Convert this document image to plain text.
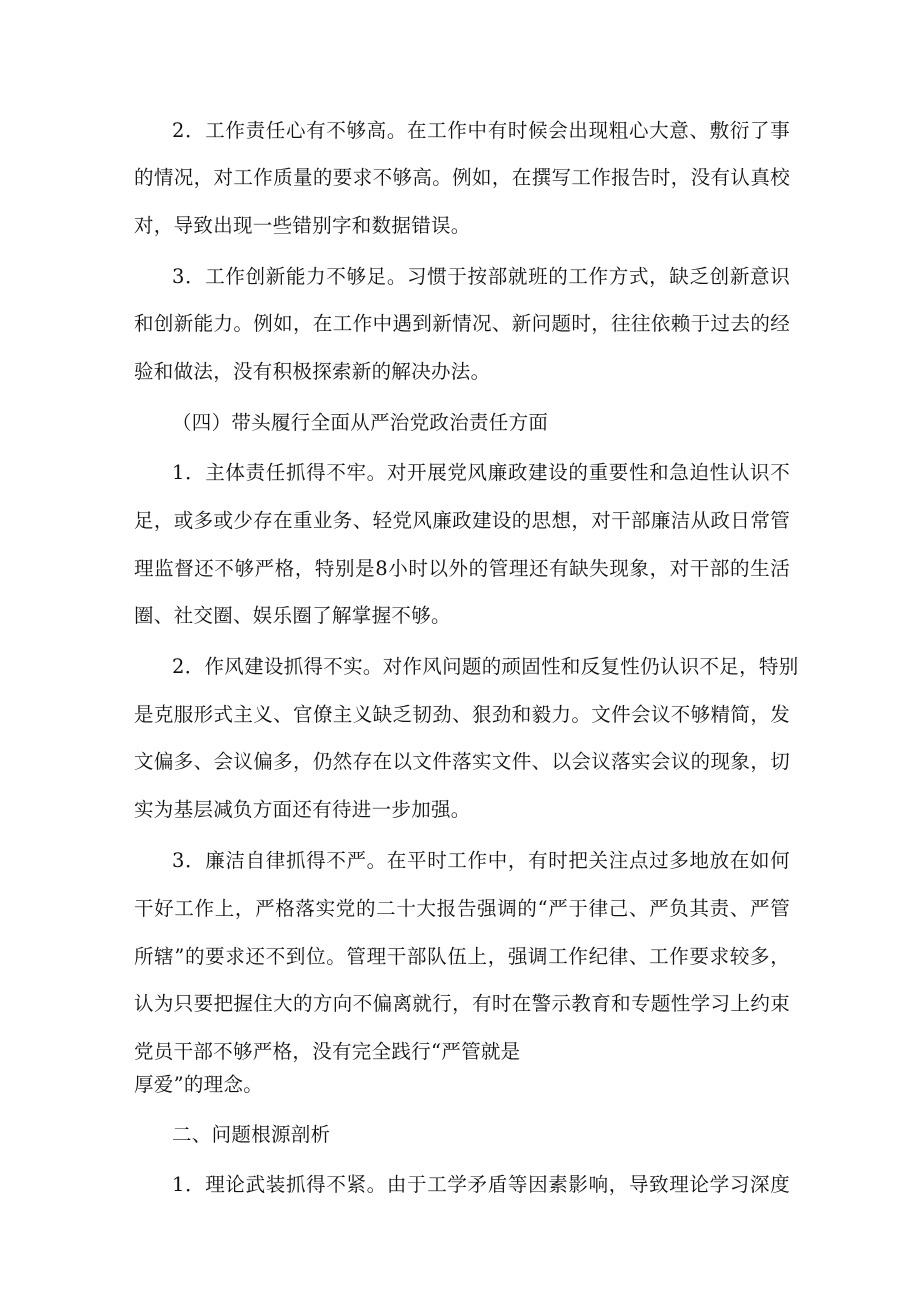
2．工作责任心有不够高。在工作中有时候会出现粗心大意、敷衍了事
的情况，对工作质量的要求不够高。例如，在撰写工作报告时，没有认真校
对，导致出现一些错别字和数据错误。
3．工作创新能力不够足。习惯于按部就班的工作方式，缺乏创新意识
和创新能力。例如，在工作中遇到新情况、新问题时，往往依赖于过去的经
验和做法，没有积极探索新的解决办法。
（四）带头履行全面从严治党政治责任方面
1．主体责任抓得不牢。对开展党风廉政建设的重要性和急迫性认识不
足，或多或少存在重业务、轻党风廉政建设的思想，对干部廉洁从政日常管
理监督还不够严格，特别是8小时以外的管理还有缺失现象，对干部的生活
圈、社交圈、娱乐圈了解掌握不够。
2．作风建设抓得不实。对作风问题的顽固性和反复性仍认识不足，特别
是克服形式主义、官僚主义缺乏韧劲、狠劲和毅力。文件会议不够精简，发
文偏多、会议偏多，仍然存在以文件落实文件、以会议落实会议的现象，切
实为基层减负方面还有待进一步加强。
3．廉洁自律抓得不严。在平时工作中，有时把关注点过多地放在如何
干好工作上，严格落实党的二十大报告强调的“严于律己、严负其责、严管
所辖”的要求还不到位。管理干部队伍上，强调工作纪律、工作要求较多，
认为只要把握住大的方向不偏离就行，有时在警示教育和专题性学习上约束
党员干部不够严格，没有完全践行“严管就是
厚爱”的理念。
二、问题根源剖析
1．理论武装抓得不紧。由于工学矛盾等因素影响，导致理论学习深度
